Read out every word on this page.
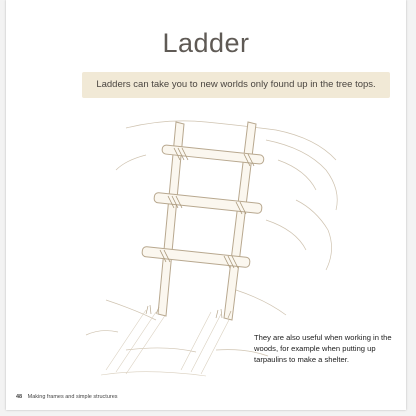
Ladder
Ladders can take you to new worlds only found up in the tree tops.

They are also useful when working in the woods, for example when putting up tarpaulins to make a shelter.

48 Making frames and simple structures
